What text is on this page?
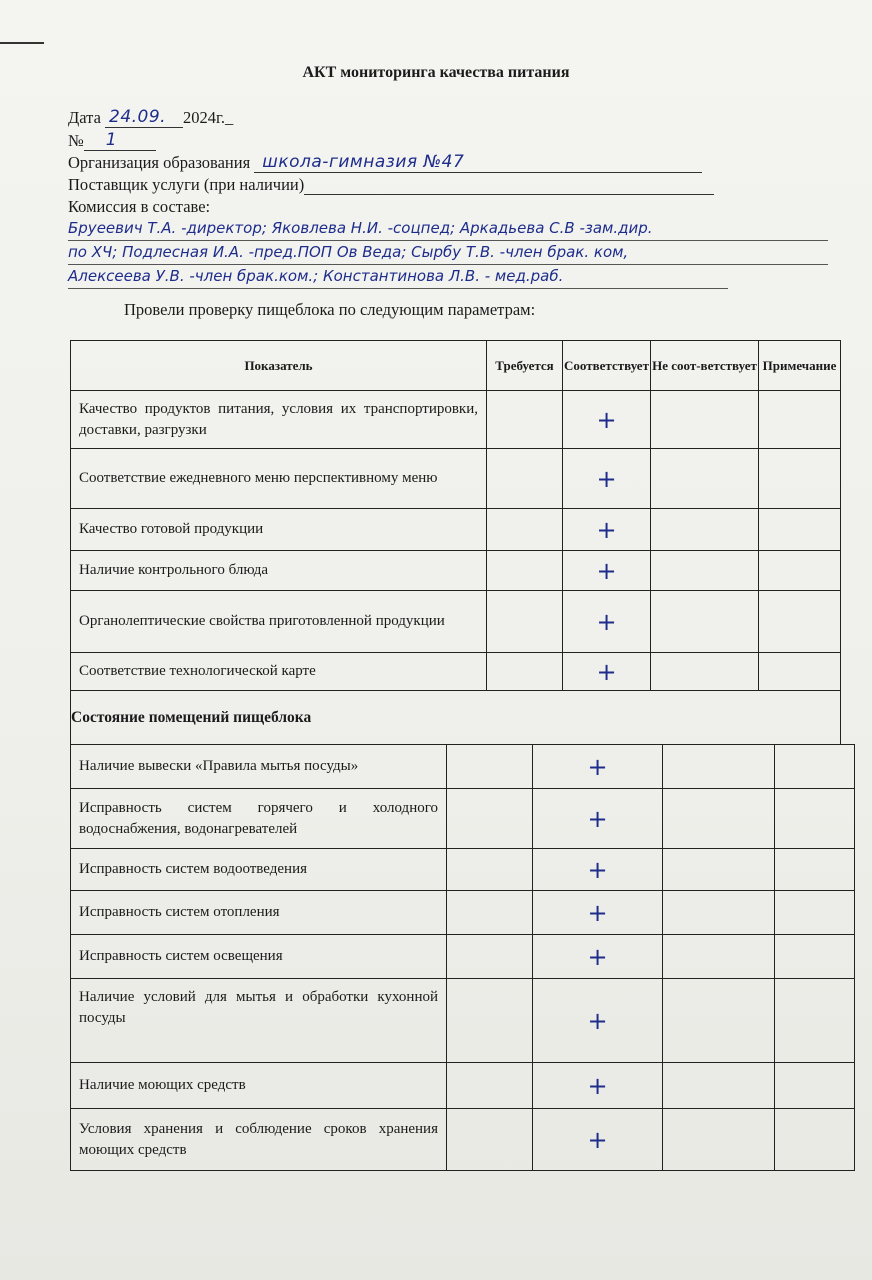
АКТ мониторинга качества питания
Дата 24.09. 2024г._
№ 1
Организация образования школа-гимназия №47
Поставщик услуги (при наличии)
Комиссия в составе:
Бруеевич Т.А. -директор; Яковлева Н.И. -соцпед; Аркадьева С.В -зам.дир.
по ХЧ; Подлесная И.А. -пред.ПОП Ов Веда; Сырбу Т.В. -член брак. ком,
Алексеева У.В. -член брак.ком.; Константинова Л.В. - мед.раб.
Провели проверку пищеблока по следующим параметрам:
Показатель	Требуется	Соответствует	Не соот-ветствует	Примечание

Качество продуктов питания, условия их транспортировки, доставки, разгрузки		+		

Соответствие ежедневного меню перспективному меню		+		

Качество готовой продукции		+		

Наличие контрольного блюда		+		

Органолептические свойства приготовленной продукции		+		

Соответствие технологической карте		+		
Состояние помещений пищеблока				
Наличие вывески «Правила мытья посуды»		+		

Исправность систем горячего и холодного водоснабжения, водонагревателей		+		

Исправность систем водоотведения		+		

Исправность систем отопления		+		

Исправность систем освещения		+		

Наличие условий для мытья и обработки кухонной посуды		+		

Наличие моющих средств		+		

Условия хранения и соблюдение сроков хранения моющих средств		+		
